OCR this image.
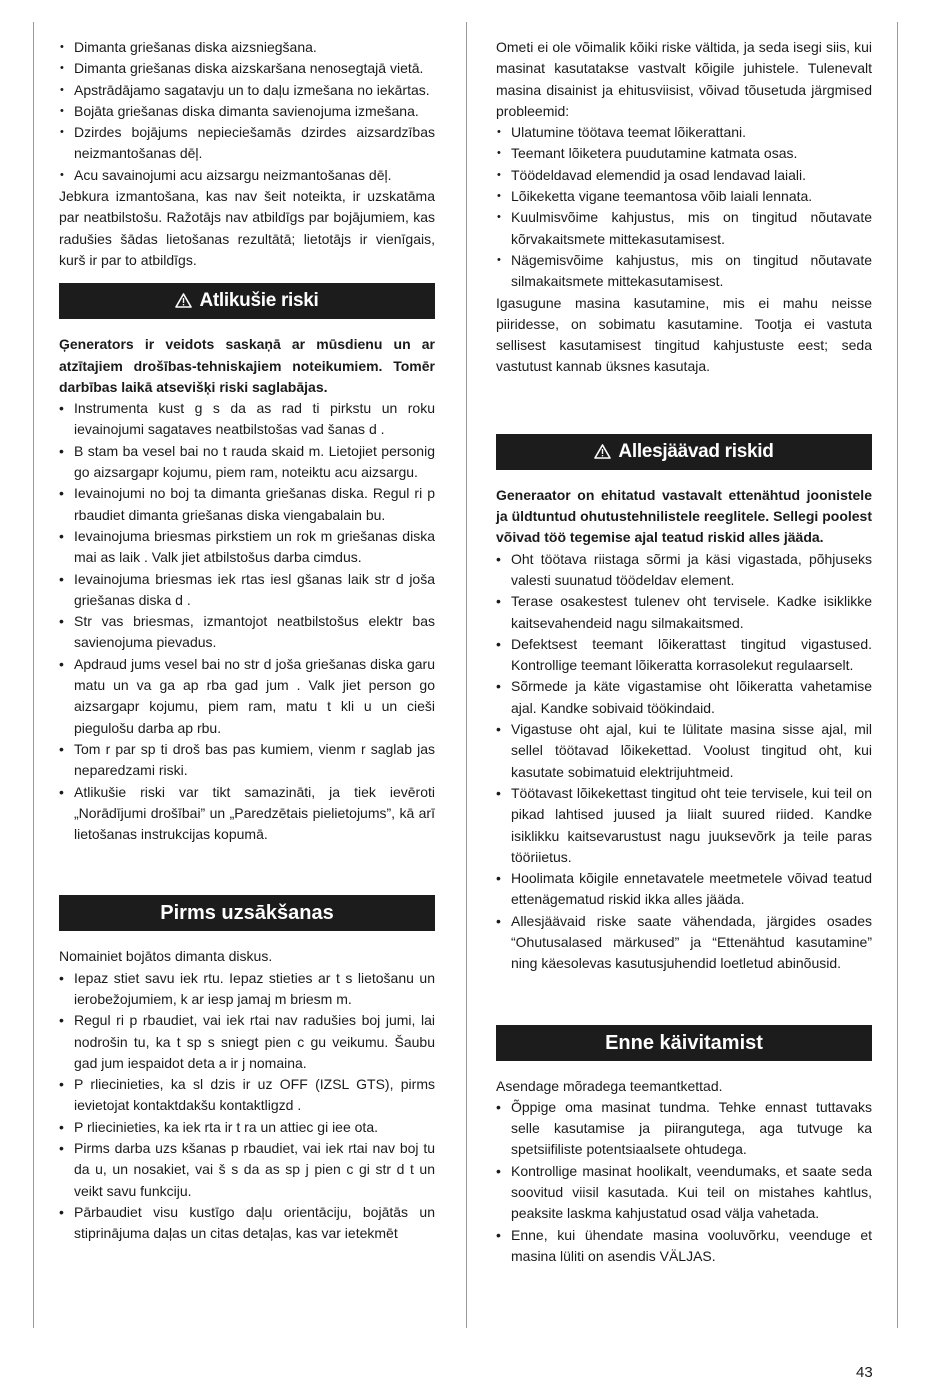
• Dimanta griešanas diska aizsniegšana.
• Dimanta griešanas diska aizskaršana nenosegtajā vietā.
• Apstrādājamo sagatavju un to daļu izmešana no iekārtas.
• Bojāta griešanas diska dimanta savienojuma izmešana.
• Dzirdes bojājums nepieciešamās dzirdes aizsardzības neizmantošanas dēļ.
• Acu savainojumi acu aizsargu neizmantošanas dēļ.

Jebkura izmantošana, kas nav šeit noteikta, ir uzskatāma par neatbilstošu. Ražotājs nav atbildīgs par bojājumiem, kas radušies šādas lietošanas rezultātā; lietotājs ir vienīgais, kurš ir par to atbildīgs.

Atlikušie riski

Ģenerators ir veidots saskaņā ar mūsdienu un ar atzītajiem drošības-tehniskajiem noteikumiem. Tomēr darbības laikā atsevišķi riski saglabājas.

• Instrumenta kust g s da as rad ti pirkstu un roku ievainojumi sagataves neatbilstošas vad šanas d .
• B stam ba vesel bai no t rauda skaid m. Lietojiet personig go aizsargapr kojumu, piem ram, noteiktu acu aizsargu.
• Ievainojumi no boj ta dimanta griešanas diska. Regul ri p rbaudiet dimanta griešanas diska viengabalain bu.
• Ievainojuma briesmas pirkstiem un rok m griešanas diska mai as laik . Valk jiet atbilstošus darba cimdus.
• Ievainojuma briesmas iek rtas iesl gšanas laik str d joša griešanas diska d .
• Str vas briesmas, izmantojot neatbilstošus elektr bas savienojuma pievadus.
• Apdraud jums vesel bai no str d joša griešanas diska garu matu un va ga ap rba gad jum . Valk jiet person go aizsargapr kojumu, piem ram, matu t kli u un cieši piegulošu darba ap rbu.
• Tom r par sp ti droš bas pas kumiem, vienm r saglab jas neparedzami riski.
• Atlikušie riski var tikt samazināti, ja tiek ievēroti „Norādījumi drošībai” un „Paredzētais pielietojums”, kā arī lietošanas instrukcijas kopumā.
Pirms uzsākšanas

Nomainiet bojātos dimanta diskus.

• Iepaz stiet savu iek rtu. Iepaz stieties ar t s lietošanu un ierobežojumiem, k ar iesp jamaj m briesm m.
• Regul ri p rbaudiet, vai iek rtai nav radušies boj jumi, lai nodrošin tu, ka t sp s sniegt pien c gu veikumu. Šaubu gad jum iespaidot deta a ir j nomaina.
• P rliecinieties, ka sl dzis ir uz OFF (IZSL GTS), pirms ievietojat kontaktdakšu kontaktligzd .
• P rliecinieties, ka iek rta ir t ra un attiec gi iee ota.
• Pirms darba uzs kšanas p rbaudiet, vai iek rtai nav boj tu da u, un nosakiet, vai š s da as sp j pien c gi str d t un veikt savu funkciju.
• Pārbaudiet visu kustīgo daļu orientāciju, bojātās un stiprinājuma daļas un citas detaļas, kas var ietekmēt

Ometi ei ole võimalik kõiki riske vältida, ja seda isegi siis, kui masinat kasutatakse vastvalt kõigile juhistele. Tulenevalt masina disainist ja ehitusviisist, võivad tõusetuda järgmised probleemid:

• Ulatumine töötava teemat lõikerattani.
• Teemant lõiketera puudutamine katmata osas.
• Töödeldavad elemendid ja osad lendavad laiali.
• Lõikeketta vigane teemantosa võib laiali lennata.
• Kuulmisvõime kahjustus, mis on tingitud nõutavate kõrvakaitsmete mittekasutamisest.
• Nägemisvõime kahjustus, mis on tingitud nõutavate silmakaitsmete mittekasutamisest.

Igasugune masina kasutamine, mis ei mahu neisse piiridesse, on sobimatu kasutamine. Tootja ei vastuta sellisest kasutamisest tingitud kahjustuste eest; seda vastutust kannab üksnes kasutaja.

Allesjäävad riskid

Generaator on ehitatud vastavalt ettenähtud joonistele ja üldtuntud ohutustehnilistele reeglitele. Sellegi poolest võivad töö tegemise ajal teatud riskid alles jääda.

• Oht töötava riistaga sõrmi ja käsi vigastada, põhjuseks valesti suunatud töödeldav element.
• Terase osakestest tulenev oht tervisele. Kadke isiklikke kaitsevahendeid nagu silmakaitsmed.
• Defektsest teemant lõikerattast tingitud vigastused. Kontrollige teemant lõikeratta korrasolekut regulaarselt.
• Sõrmede ja käte vigastamise oht lõikeratta vahetamise ajal. Kandke sobivaid töökindaid.
• Vigastuse oht ajal, kui te lülitate masina sisse ajal, mil sellel töötavad lõikekettad. Voolust tingitud oht, kui kasutate sobimatuid elektrijuhtmeid.
• Töötavast lõikekettast tingitud oht teie tervisele, kui teil on pikad lahtised juused ja liialt suured riided. Kandke isiklikku kaitsevarustust nagu juuksevõrk ja teile paras tööriietus.
• Hoolimata kõigile ennetavatele meetmetele võivad teatud ettenägematud riskid ikka alles jääda.
• Allesjäävaid riske saate vähendada, järgides osades “Ohutusalased märkused” ja “Ettenähtud kasutamine” ning käesolevas kasutusjuhendid loetletud abinõusid.
Enne käivitamist

Asendage mõradega teemantkettad.

• Õppige oma masinat tundma. Tehke ennast tuttavaks selle kasutamise ja piirangutega, aga tutvuge ka spetsiifiliste potentsiaalsete ohtudega.
• Kontrollige masinat hoolikalt, veendumaks, et saate seda soovitud viisil kasutada. Kui teil on mistahes kahtlus, peaksite laskma kahjustatud osad välja vahetada.
• Enne, kui ühendate masina vooluvõrku, veenduge et masina lüliti on asendis VÄLJAS.
43
